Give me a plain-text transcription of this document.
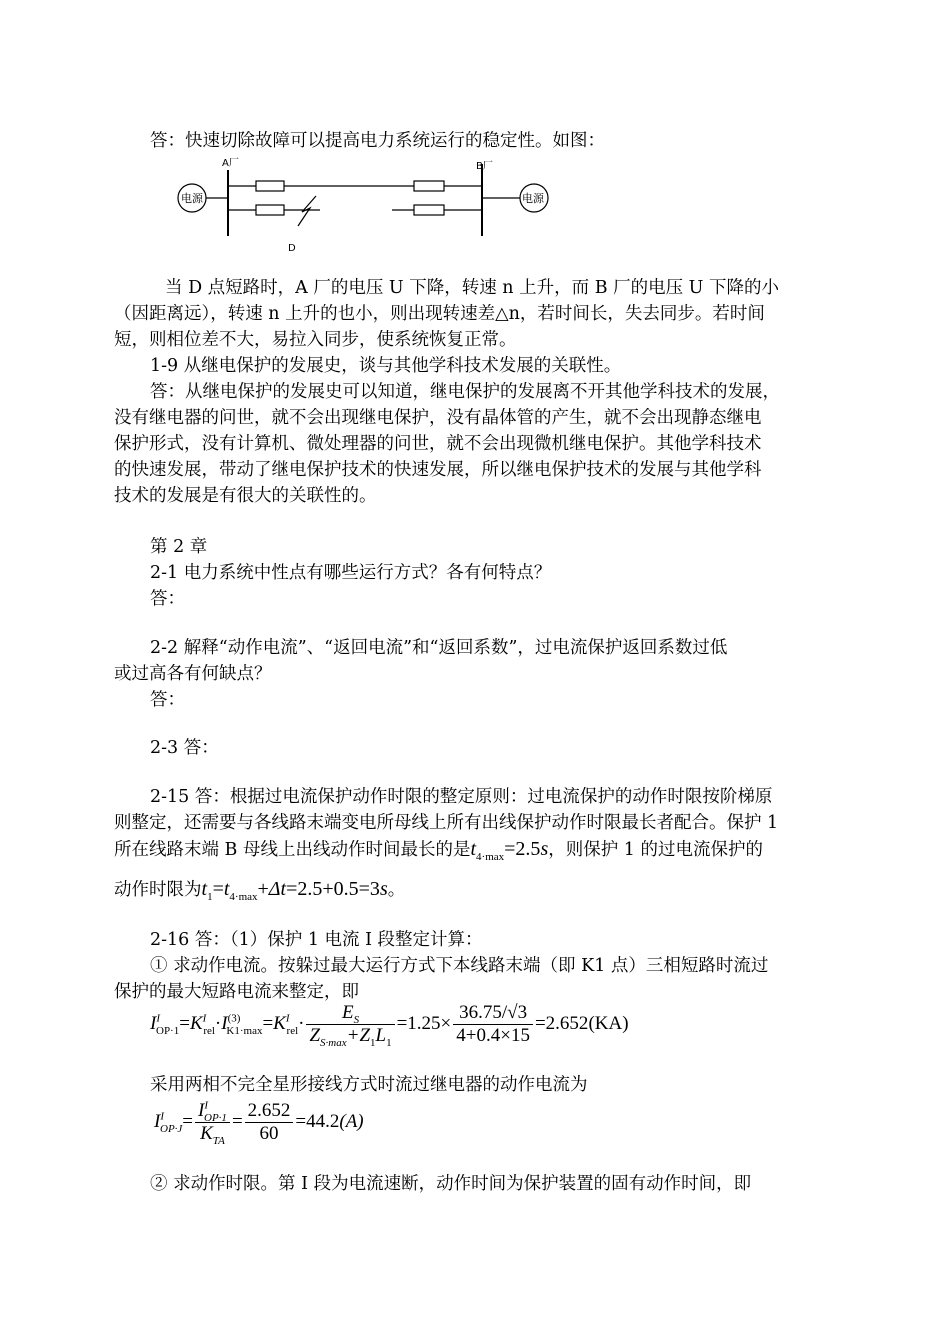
答：快速切除故障可以提高电力系统运行的稳定性。如图：
A厂	B厂
电源	电源
D
当 D 点短路时，A 厂的电压 U 下降，转速 n 上升，而 B 厂的电压 U 下降的小
（因距离远），转速 n 上升的也小，则出现转速差△n，若时间长，失去同步。若时间
短，则相位差不大，易拉入同步，使系统恢复正常。
1-9 从继电保护的发展史，谈与其他学科技术发展的关联性。
答：从继电保护的发展史可以知道，继电保护的发展离不开其他学科技术的发展，
没有继电器的问世，就不会出现继电保护，没有晶体管的产生，就不会出现静态继电
保护形式，没有计算机、微处理器的问世，就不会出现微机继电保护。其他学科技术
的快速发展，带动了继电保护技术的快速发展，所以继电保护技术的发展与其他学科
技术的发展是有很大的关联性的。
第 2 章
2-1 电力系统中性点有哪些运行方式？各有何特点？
答：
2-2 解释“动作电流”、“返回电流”和“返回系数”，过电流保护返回系数过低
或过高各有何缺点？
答：
2-3 答：
2-15 答：根据过电流保护动作时限的整定原则：过电流保护的动作时限按阶梯原
则整定，还需要与各线路末端变电所母线上所有出线保护动作时限最长者配合。保护 1
所在线路末端 B 母线上出线动作时间最长的是$t_{4\cdot max}=2.5s$，则保护 1 的过电流保护的
动作时限为$t_1=t_{4\cdot max}+\Delta t=2.5+0.5=3s$。
2-16 答：（1）保护 1 电流 I 段整定计算：
① 求动作电流。按躲过最大运行方式下本线路末端（即 K1 点）三相短路时流过
保护的最大短路电流来整定，即
$I^I_{OP\cdot 1}=K^I_{rel}\cdot I^{(3)}_{K1\cdot max}=K^I_{rel}\cdot \frac{E_S}{Z_{S\cdot max}+Z_1L_1} =1.25\times \frac{36.75/√3}{4+0.4\times 15} =2.652(KA)$
采用两相不完全星形接线方式时流过继电器的动作电流为
$I^I_{OP\cdot J}= \frac{I^I_{OP\cdot 1}}{K_{TA}} = \frac{2.652}{60} =44.2(A)$
② 求动作时限。第 I 段为电流速断，动作时间为保护装置的固有动作时间，即
